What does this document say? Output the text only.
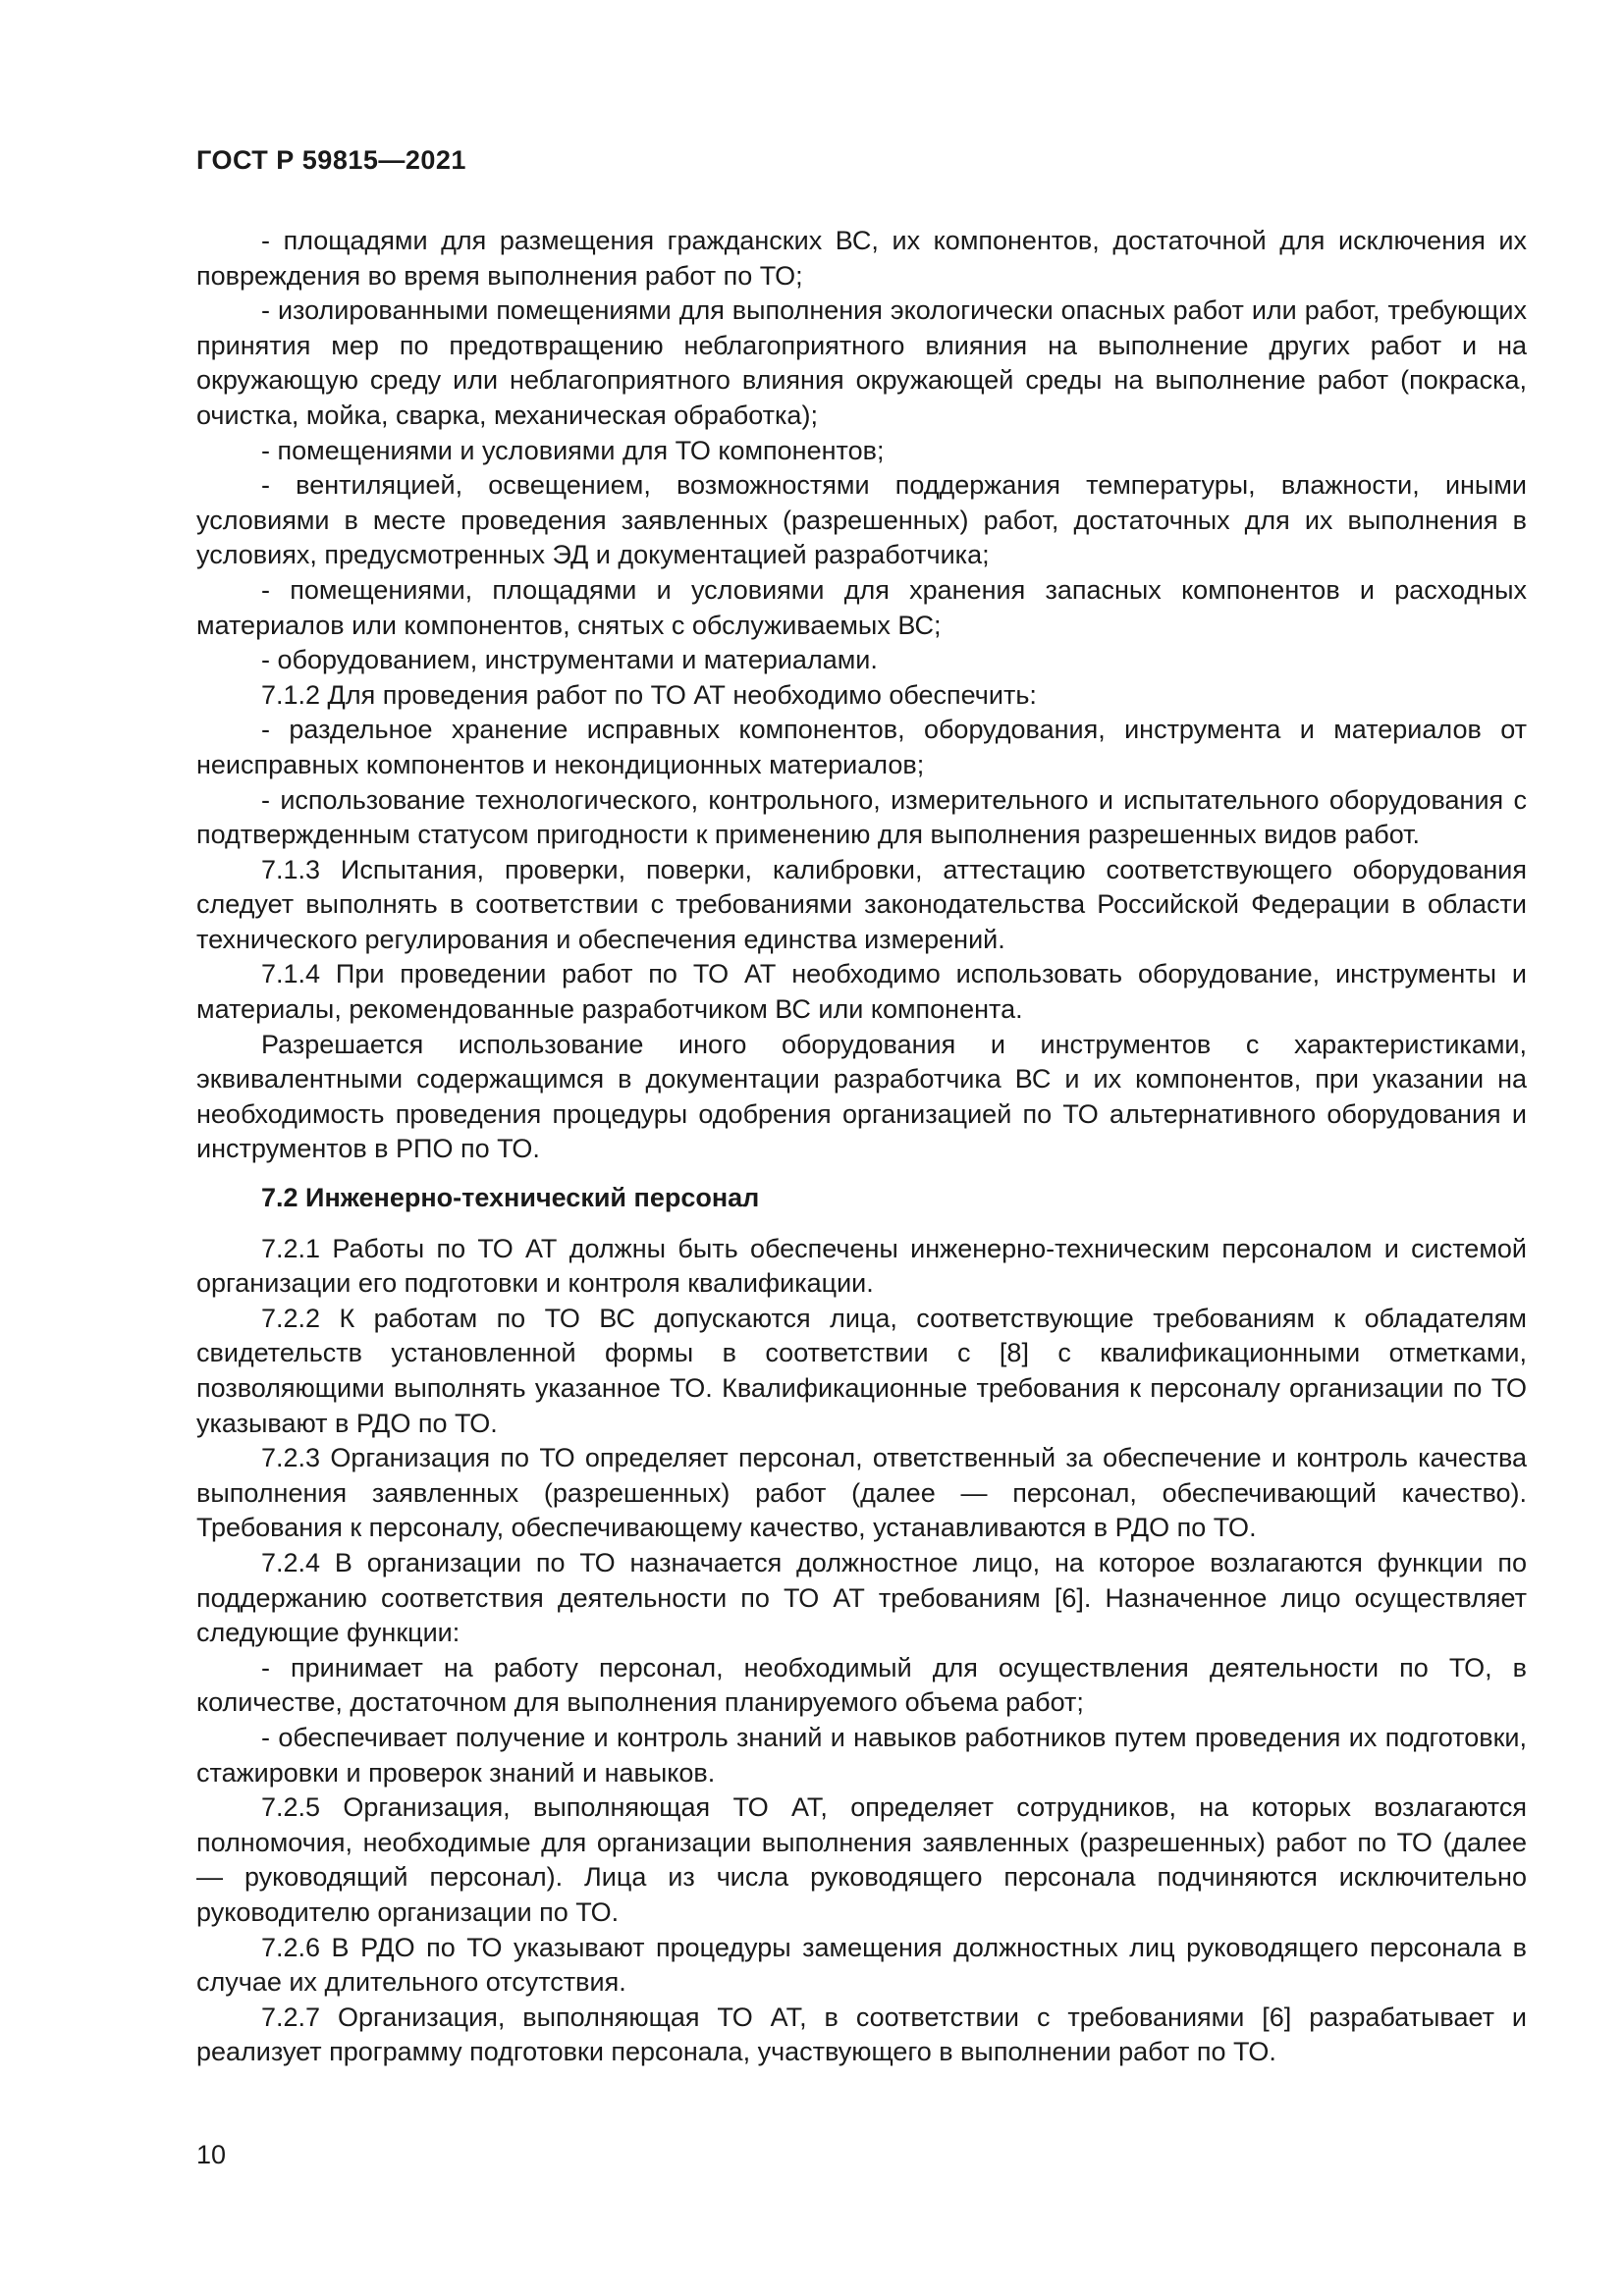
ГОСТ Р 59815—2021

- площадями для размещения гражданских ВС, их компонентов, достаточной для исключения их повреждения во время выполнения работ по ТО;

- изолированными помещениями для выполнения экологически опасных работ или работ, требующих принятия мер по предотвращению неблагоприятного влияния на выполнение других работ и на окружающую среду или неблагоприятного влияния окружающей среды на выполнение работ (покраска, очистка, мойка, сварка, механическая обработка);

- помещениями и условиями для ТО компонентов;

- вентиляцией, освещением, возможностями поддержания температуры, влажности, иными условиями в месте проведения заявленных (разрешенных) работ, достаточных для их выполнения в условиях, предусмотренных ЭД и документацией разработчика;

- помещениями, площадями и условиями для хранения запасных компонентов и расходных материалов или компонентов, снятых с обслуживаемых ВС;

- оборудованием, инструментами и материалами.

7.1.2 Для проведения работ по ТО АТ необходимо обеспечить:

- раздельное хранение исправных компонентов, оборудования, инструмента и материалов от неисправных компонентов и некондиционных материалов;

- использование технологического, контрольного, измерительного и испытательного оборудования с подтвержденным статусом пригодности к применению для выполнения разрешенных видов работ.

7.1.3 Испытания, проверки, поверки, калибровки, аттестацию соответствующего оборудования следует выполнять в соответствии с требованиями законодательства Российской Федерации в области технического регулирования и обеспечения единства измерений.

7.1.4 При проведении работ по ТО АТ необходимо использовать оборудование, инструменты и материалы, рекомендованные разработчиком ВС или компонента.

Разрешается использование иного оборудования и инструментов с характеристиками, эквивалентными содержащимся в документации разработчика ВС и их компонентов, при указании на необходимость проведения процедуры одобрения организацией по ТО альтернативного оборудования и инструментов в РПО по ТО.

7.2 Инженерно-технический персонал

7.2.1 Работы по ТО АТ должны быть обеспечены инженерно-техническим персоналом и системой организации его подготовки и контроля квалификации.

7.2.2 К работам по ТО ВС допускаются лица, соответствующие требованиям к обладателям свидетельств установленной формы в соответствии с [8] с квалификационными отметками, позволяющими выполнять указанное ТО. Квалификационные требования к персоналу организации по ТО указывают в РДО по ТО.

7.2.3 Организация по ТО определяет персонал, ответственный за обеспечение и контроль качества выполнения заявленных (разрешенных) работ (далее — персонал, обеспечивающий качество). Требования к персоналу, обеспечивающему качество, устанавливаются в РДО по ТО.

7.2.4 В организации по ТО назначается должностное лицо, на которое возлагаются функции по поддержанию соответствия деятельности по ТО АТ требованиям [6]. Назначенное лицо осуществляет следующие функции:

- принимает на работу персонал, необходимый для осуществления деятельности по ТО, в количестве, достаточном для выполнения планируемого объема работ;

- обеспечивает получение и контроль знаний и навыков работников путем проведения их подготовки, стажировки и проверок знаний и навыков.

7.2.5 Организация, выполняющая ТО АТ, определяет сотрудников, на которых возлагаются полномочия, необходимые для организации выполнения заявленных (разрешенных) работ по ТО (далее — руководящий персонал). Лица из числа руководящего персонала подчиняются исключительно руководителю организации по ТО.

7.2.6 В РДО по ТО указывают процедуры замещения должностных лиц руководящего персонала в случае их длительного отсутствия.

7.2.7 Организация, выполняющая ТО АТ, в соответствии с требованиями [6] разрабатывает и реализует программу подготовки персонала, участвующего в выполнении работ по ТО.

10
